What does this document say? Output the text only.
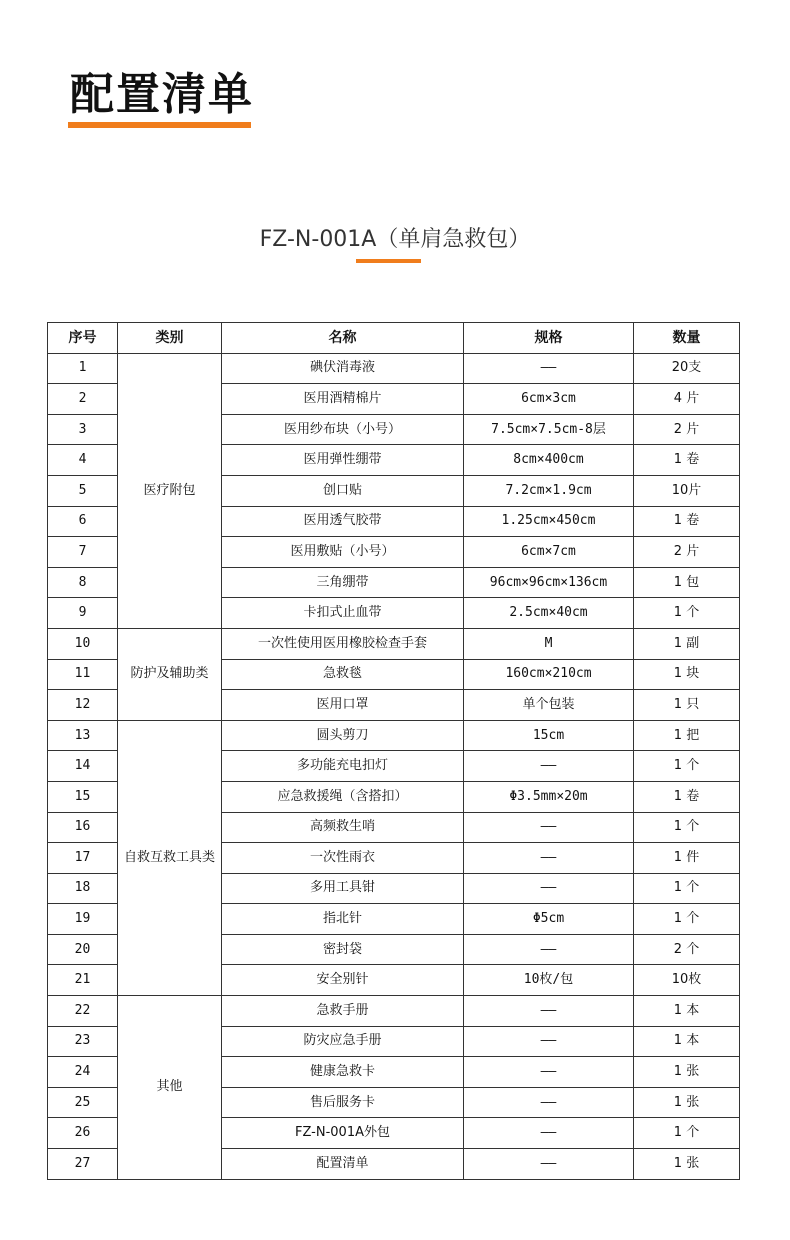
配置清单
FZ-N-001A（单肩急救包）
序号	类别	名称	规格	数量
1	医疗附包	碘伏消毒液	——	20支
2		医用酒精棉片	6cm×3cm	4 片
3		医用纱布块（小号）	7.5cm×7.5cm-8层	2 片
4		医用弹性绷带	8cm×400cm	1 卷
5		创口贴	7.2cm×1.9cm	10片
6		医用透气胶带	1.25cm×450cm	1 卷
7		医用敷贴（小号）	6cm×7cm	2 片
8		三角绷带	96cm×96cm×136cm	1 包
9		卡扣式止血带	2.5cm×40cm	1 个
10	防护及辅助类	一次性使用医用橡胶检查手套	M	1 副
11		急救毯	160cm×210cm	1 块
12		医用口罩	单个包装	1 只
13	自救互救工具类	圆头剪刀	15cm	1 把
14		多功能充电扣灯	——	1 个
15		应急救援绳（含搭扣）	Φ3.5mm×20m	1 卷
16		高频救生哨	——	1 个
17		一次性雨衣	——	1 件
18		多用工具钳	——	1 个
19		指北针	Φ5cm	1 个
20		密封袋	——	2 个
21		安全别针	10枚/包	10枚
22	其他	急救手册	——	1 本
23		防灾应急手册	——	1 本
24		健康急救卡	——	1 张
25		售后服务卡	——	1 张
26		FZ-N-001A外包	——	1 个
27		配置清单	——	1 张
